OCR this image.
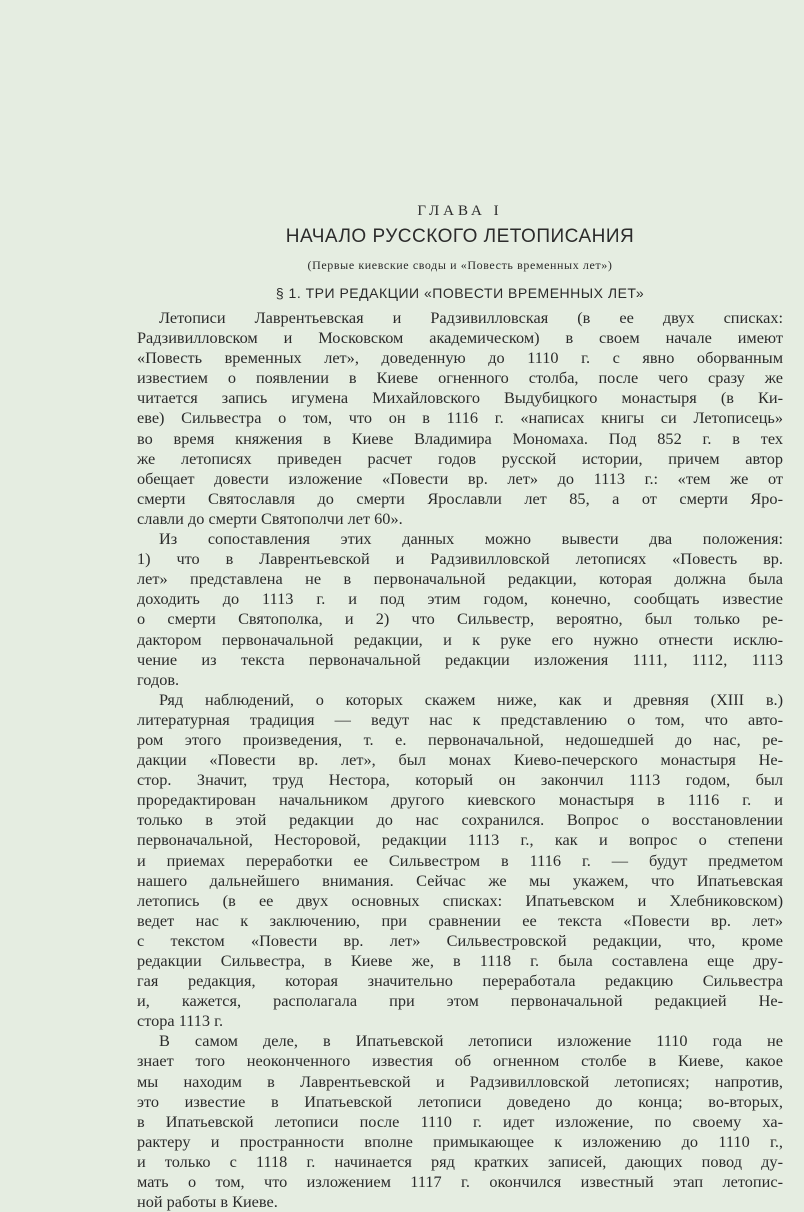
ГЛАВА I
НАЧАЛО РУССКОГО ЛЕТОПИСАНИЯ
(Первые киевские своды и «Повесть временных лет»)
§ 1. ТРИ РЕДАКЦИИ «ПОВЕСТИ ВРЕМЕННЫХ ЛЕТ»
Летописи Лаврентьевская и Радзивилловская (в ее двух списках:
Радзивилловском и Московском академическом) в своем начале имеют
«Повесть временных лет», доведенную до 1110 г. с явно оборванным
известием о появлении в Киеве огненного столба, после чего сразу же
читается запись игумена Михайловского Выдубицкого монастыря (в Ки-
еве) Сильвестра о том, что он в 1116 г. «написах книгы си Летописець»
во время княжения в Киеве Владимира Мономаха. Под 852 г. в тех
же летописях приведен расчет годов русской истории, причем автор
обещает довести изложение «Повести вр. лет» до 1113 г.: «тем же от
смерти Святославля до смерти Ярославли лет 85, а от смерти Яро-
славли до смерти Святополчи лет 60».
Из сопоставления этих данных можно вывести два положения:
1) что в Лаврентьевской и Радзивилловской летописях «Повесть вр.
лет» представлена не в первоначальной редакции, которая должна была
доходить до 1113 г. и под этим годом, конечно, сообщать известие
о смерти Святополка, и 2) что Сильвестр, вероятно, был только ре-
дактором первоначальной редакции, и к руке его нужно отнести исклю-
чение из текста первоначальной редакции изложения 1111, 1112, 1113
годов.
Ряд наблюдений, о которых скажем ниже, как и древняя (XIII в.)
литературная традиция — ведут нас к представлению о том, что авто-
ром этого произведения, т. е. первоначальной, недошедшей до нас, ре-
дакции «Повести вр. лет», был монах Киево-печерского монастыря Не-
стор. Значит, труд Нестора, который он закончил 1113 годом, был
проредактирован начальником другого киевского монастыря в 1116 г. и
только в этой редакции до нас сохранился. Вопрос о восстановлении
первоначальной, Несторовой, редакции 1113 г., как и вопрос о степени
и приемах переработки ее Сильвестром в 1116 г. — будут предметом
нашего дальнейшего внимания. Сейчас же мы укажем, что Ипатьевская
летопись (в ее двух основных списках: Ипатьевском и Хлебниковском)
ведет нас к заключению, при сравнении ее текста «Повести вр. лет»
с текстом «Повести вр. лет» Сильвестровской редакции, что, кроме
редакции Сильвестра, в Киеве же, в 1118 г. была составлена еще дру-
гая редакция, которая значительно переработала редакцию Сильвестра
и, кажется, располагала при этом первоначальной редакцией Не-
стора 1113 г.
В самом деле, в Ипатьевской летописи изложение 1110 года не
знает того неоконченного известия об огненном столбе в Киеве, какое
мы находим в Лаврентьевской и Радзивилловской летописях; напротив,
это известие в Ипатьевской летописи доведено до конца; во-вторых,
в Ипатьевской летописи после 1110 г. идет изложение, по своему ха-
рактеру и пространности вполне примыкающее к изложению до 1110 г.,
и только с 1118 г. начинается ряд кратких записей, дающих повод ду-
мать о том, что изложением 1117 г. окончился известный этап летопис-
ной работы в Киеве.
